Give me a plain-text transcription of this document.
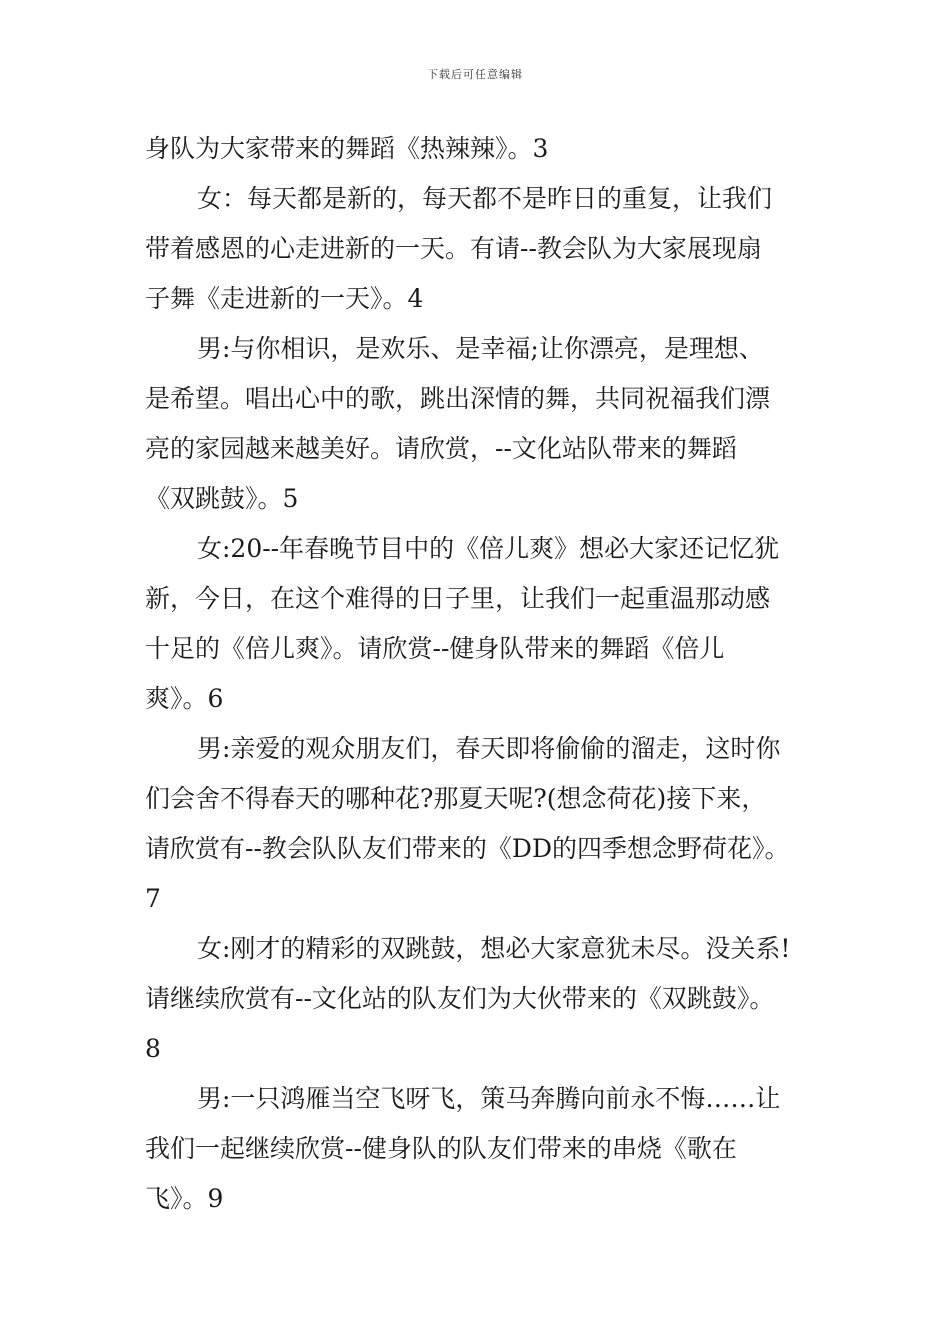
下载后可任意编辑
身队为大家带来的舞蹈《热辣辣》。3
女：每天都是新的，每天都不是昨日的重复，让我们
带着感恩的心走进新的一天。有请--教会队为大家展现扇
子舞《走进新的一天》。4
男:与你相识，是欢乐、是幸福;让你漂亮，是理想、
是希望。唱出心中的歌，跳出深情的舞，共同祝福我们漂
亮的家园越来越美好。请欣赏，--文化站队带来的舞蹈
《双跳鼓》。5
女:20--年春晚节目中的《倍儿爽》想必大家还记忆犹
新，今日，在这个难得的日子里，让我们一起重温那动感
十足的《倍儿爽》。请欣赏--健身队带来的舞蹈《倍儿
爽》。6
男:亲爱的观众朋友们，春天即将偷偷的溜走，这时你
们会舍不得春天的哪种花?那夏天呢?(想念荷花)接下来，
请欣赏有--教会队队友们带来的《DD的四季想念野荷花》。
7
女:刚才的精彩的双跳鼓，想必大家意犹未尽。没关系!
请继续欣赏有--文化站的队友们为大伙带来的《双跳鼓》。
8
男:一只鸿雁当空飞呀飞，策马奔腾向前永不悔……让
我们一起继续欣赏--健身队的队友们带来的串烧《歌在
飞》。9
